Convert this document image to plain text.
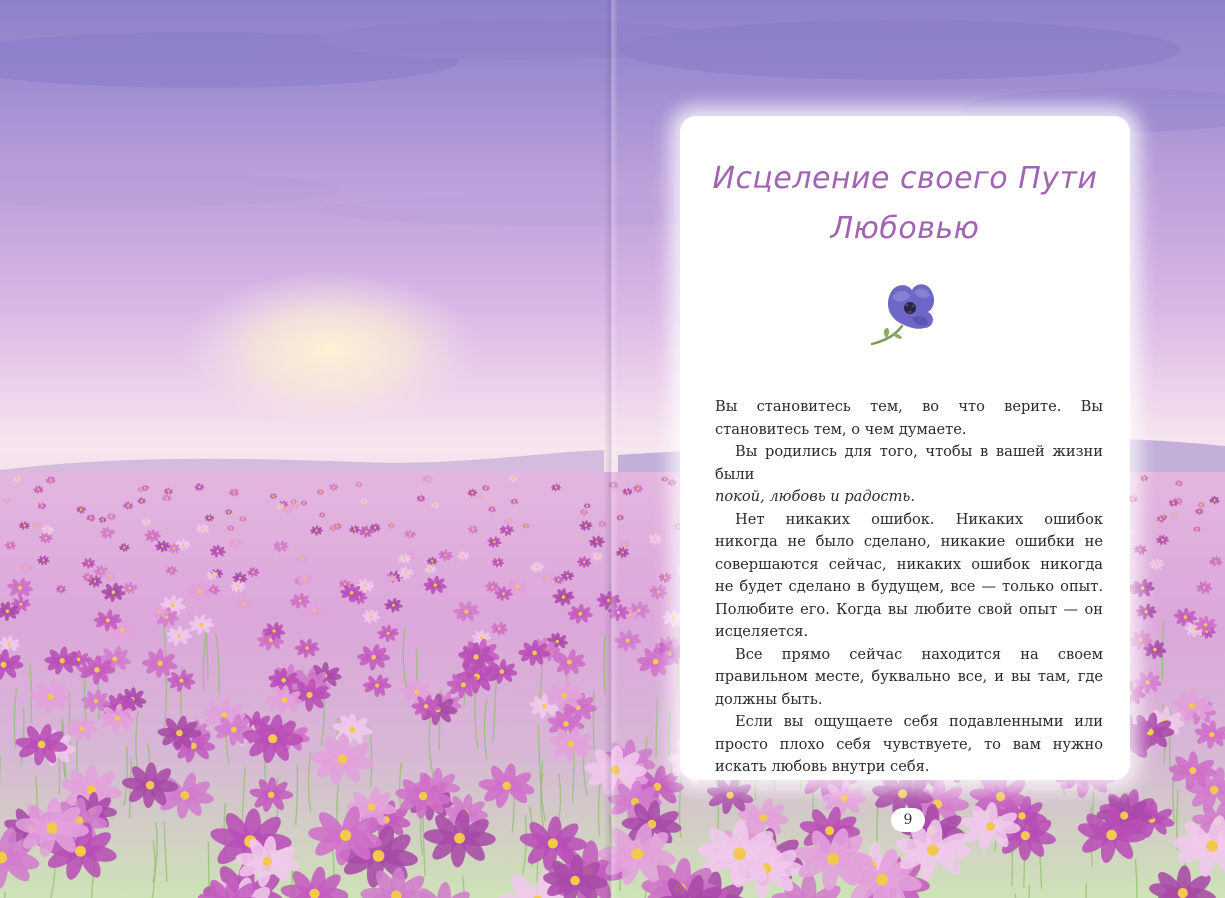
Исцеление своего Пути
Любовью

Вы становитесь тем, во что верите. Вы становитесь тем, о чем думаете.

Вы родились для того, чтобы в вашей жизни были

покой, любовь и радость.

Нет никаких ошибок. Никаких ошибок никогда не было сделано, никакие ошибки не совершаются сейчас, никаких ошибок никогда не будет сделано в будущем, все — только опыт. Полюбите его. Когда вы любите свой опыт — он исцеляется.

Все прямо сейчас находится на своем правильном месте, буквально все, и вы там, где должны быть.

Если вы ощущаете себя подавленными или просто плохо себя чувствуете, то вам нужно искать любовь внутри себя.

9
